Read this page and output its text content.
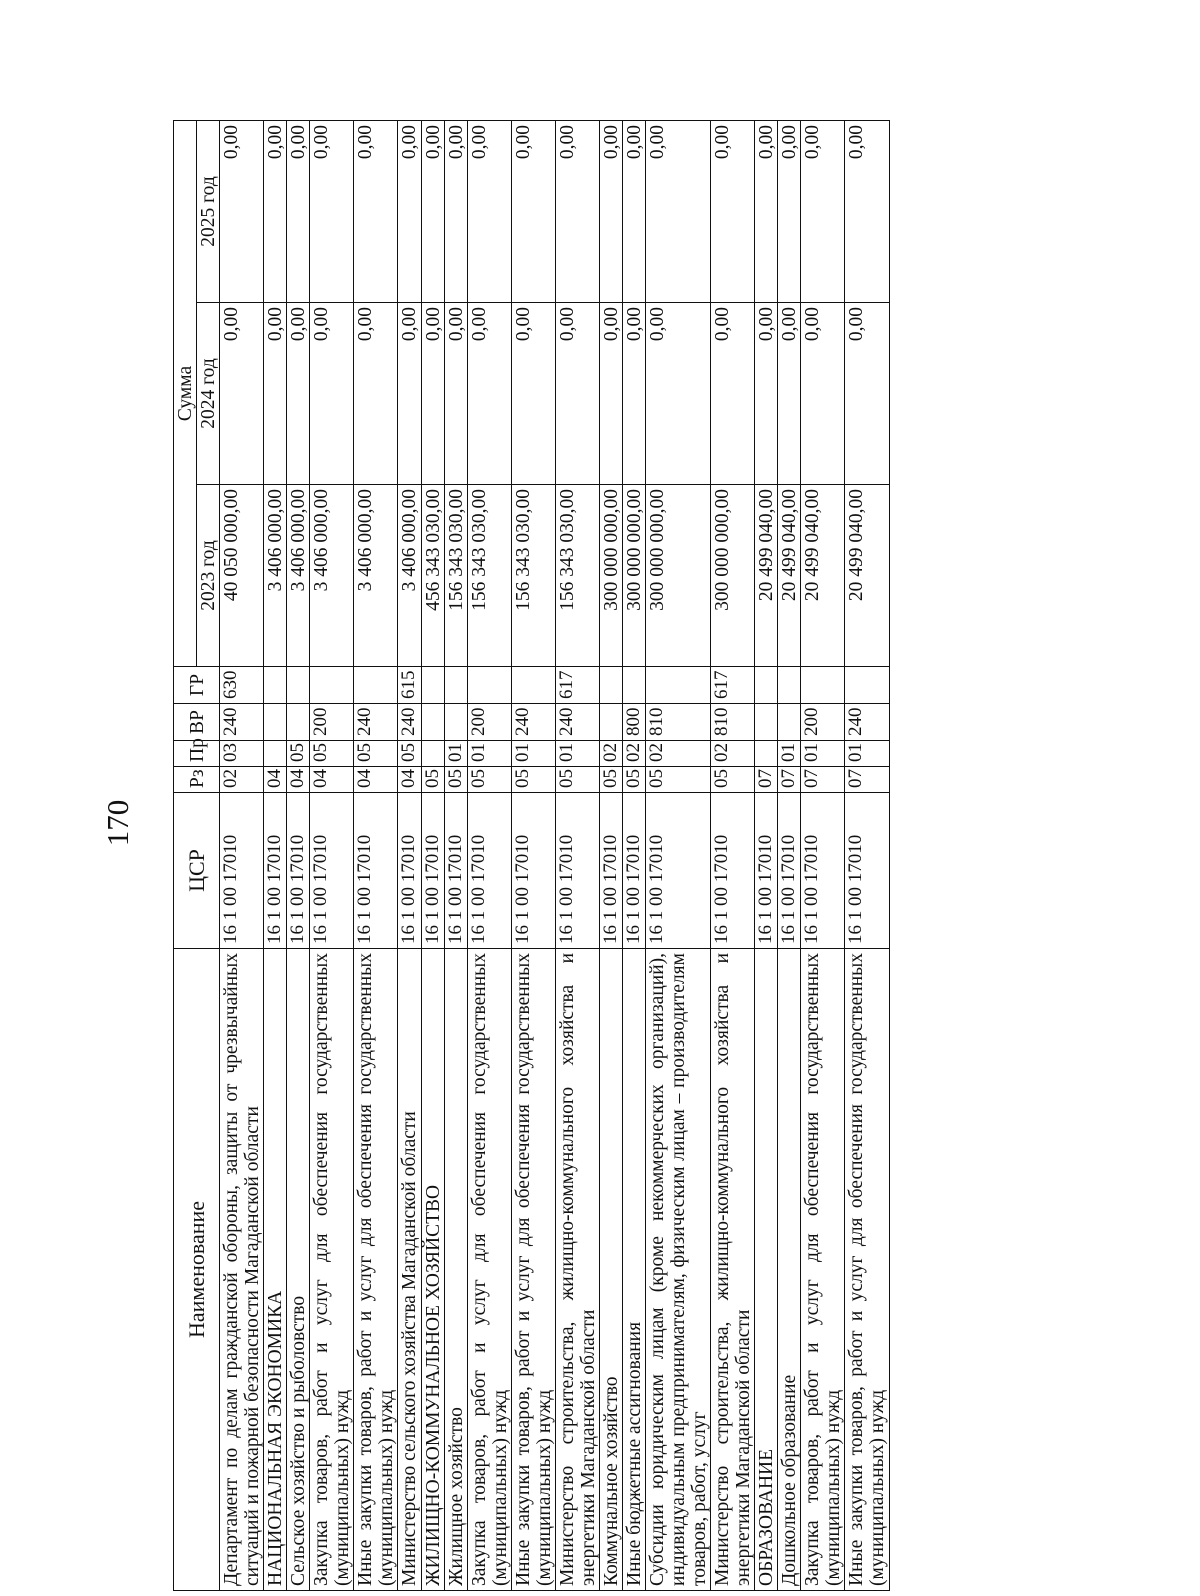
170
Наименование	ЦСР	Рз	Пр	ВР	ГР	Сумма		
						2023 год	2024 год	2025 год
Департамент по делам гражданской обороны, защиты от чрезвычайных ситуаций и пожарной безопасности Магаданской области	16 1 00 17010	02	03	240	630	40 050 000,00	0,00	0,00
НАЦИОНАЛЬНАЯ ЭКОНОМИКА	16 1 00 17010	04				3 406 000,00	0,00	0,00
Сельское хозяйство и рыболовство	16 1 00 17010	04	05			3 406 000,00	0,00	0,00
Закупка товаров, работ и услуг для обеспечения государственных (муниципальных) нужд	16 1 00 17010	04	05	200		3 406 000,00	0,00	0,00
Иные закупки товаров, работ и услуг для обеспечения государственных (муниципальных) нужд	16 1 00 17010	04	05	240		3 406 000,00	0,00	0,00
Министерство сельского хозяйства Магаданской области	16 1 00 17010	04	05	240	615	3 406 000,00	0,00	0,00
ЖИЛИЩНО-КОММУНАЛЬНОЕ ХОЗЯЙСТВО	16 1 00 17010	05				456 343 030,00	0,00	0,00
Жилищное хозяйство	16 1 00 17010	05	01			156 343 030,00	0,00	0,00
Закупка товаров, работ и услуг для обеспечения государственных (муниципальных) нужд	16 1 00 17010	05	01	200		156 343 030,00	0,00	0,00
Иные закупки товаров, работ и услуг для обеспечения государственных (муниципальных) нужд	16 1 00 17010	05	01	240		156 343 030,00	0,00	0,00
Министерство строительства, жилищно-коммунального хозяйства и энергетики Магаданской области	16 1 00 17010	05	01	240	617	156 343 030,00	0,00	0,00
Коммунальное хозяйство	16 1 00 17010	05	02			300 000 000,00	0,00	0,00
Иные бюджетные ассигнования	16 1 00 17010	05	02	800		300 000 000,00	0,00	0,00
Субсидии юридическим лицам (кроме некоммерческих организаций), индивидуальным предпринимателям, физическим лицам – производителям товаров, работ, услуг	16 1 00 17010	05	02	810		300 000 000,00	0,00	0,00
Министерство строительства, жилищно-коммунального хозяйства и энергетики Магаданской области	16 1 00 17010	05	02	810	617	300 000 000,00	0,00	0,00
ОБРАЗОВАНИЕ	16 1 00 17010	07				20 499 040,00	0,00	0,00
Дошкольное образование	16 1 00 17010	07	01			20 499 040,00	0,00	0,00
Закупка товаров, работ и услуг для обеспечения государственных (муниципальных) нужд	16 1 00 17010	07	01	200		20 499 040,00	0,00	0,00
Иные закупки товаров, работ и услуг для обеспечения государственных (муниципальных) нужд	16 1 00 17010	07	01	240		20 499 040,00	0,00	0,00
